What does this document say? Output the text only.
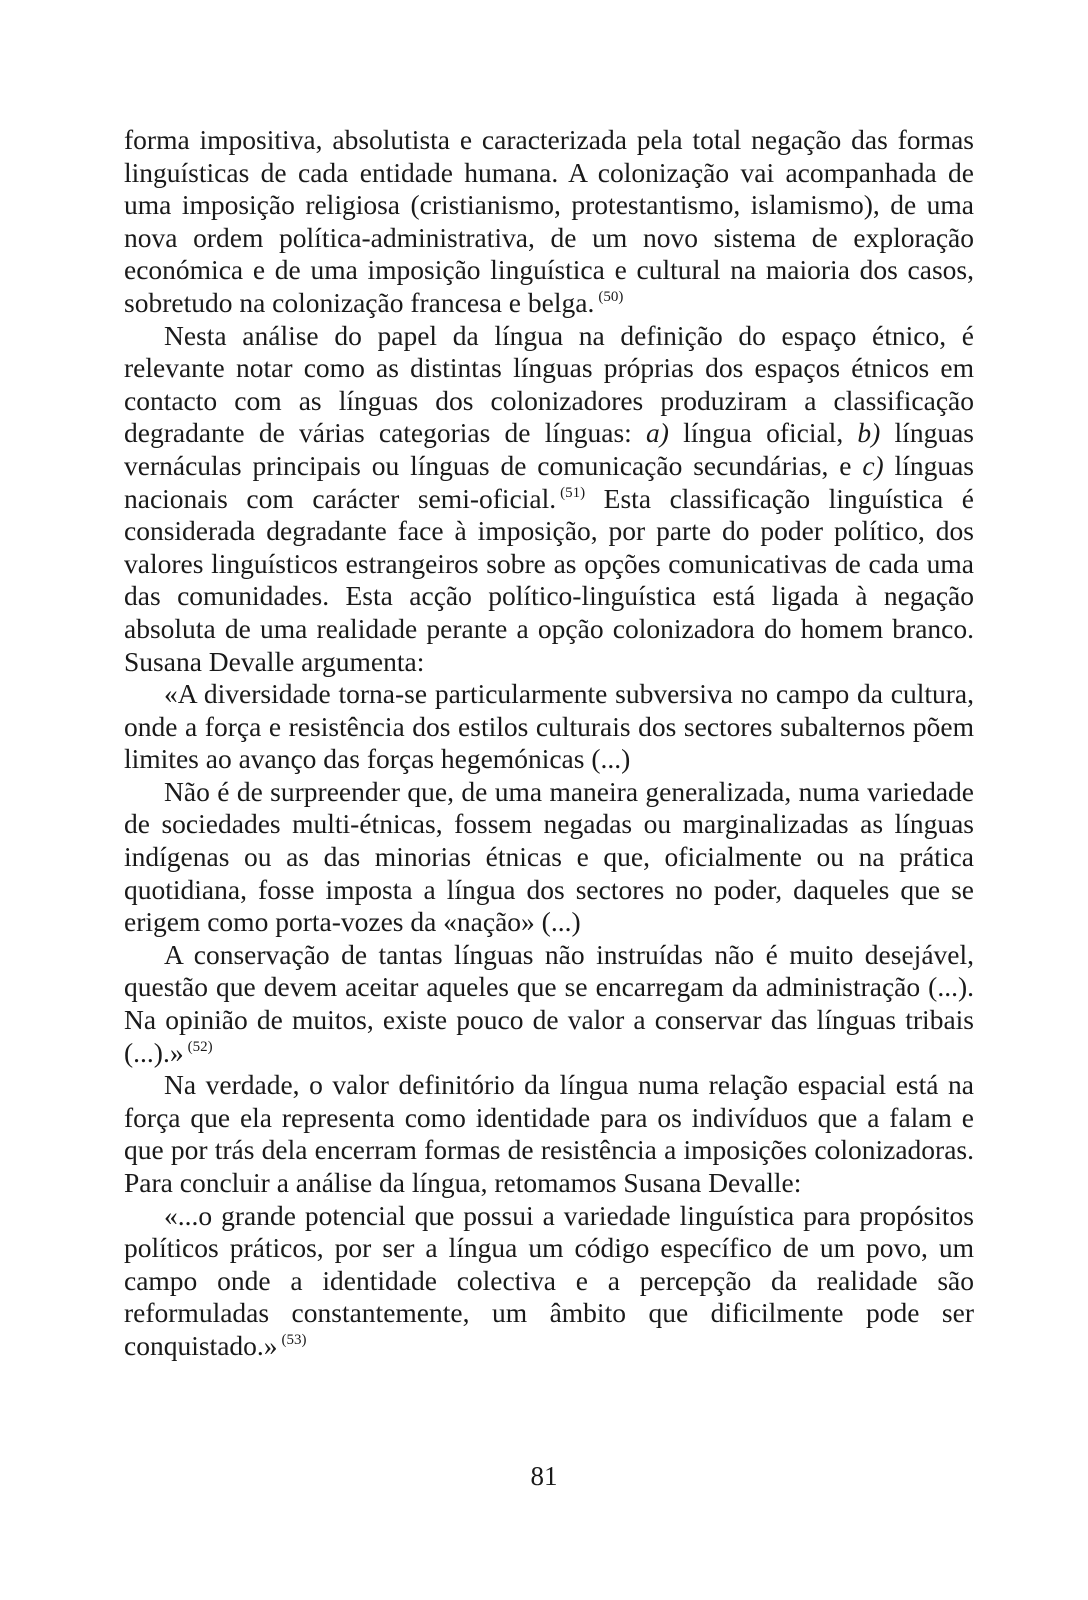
forma impositiva, absolutista e caracterizada pela total negação das formas linguísticas de cada entidade humana. A colonização vai acompanhada de uma imposição religiosa (cristianismo, protestantismo, islamismo), de uma nova ordem política-administrativa, de um novo sistema de exploração económica e de uma imposição linguística e cultural na maioria dos casos, sobretudo na colonização francesa e belga. $^{(50)}$

Nesta análise do papel da língua na definição do espaço étnico, é relevante notar como as distintas línguas próprias dos espaços étnicos em contacto com as línguas dos colonizadores produziram a classificação degradante de várias categorias de línguas: a) língua oficial, b) línguas vernáculas principais ou línguas de comunicação secundárias, e c) línguas nacionais com carácter semi-oficial. $^{(51)}$ Esta classificação linguística é considerada degradante face à imposição, por parte do poder político, dos valores linguísticos estrangeiros sobre as opções comunicativas de cada uma das comunidades. Esta acção político-linguística está ligada à negação absoluta de uma realidade perante a opção colonizadora do homem branco. Susana Devalle argumenta:

«A diversidade torna-se particularmente subversiva no campo da cultura, onde a força e resistência dos estilos culturais dos sectores subalternos põem limites ao avanço das forças hegemónicas (...)

Não é de surpreender que, de uma maneira generalizada, numa variedade de sociedades multi-étnicas, fossem negadas ou marginalizadas as línguas indígenas ou as das minorias étnicas e que, oficialmente ou na prática quotidiana, fosse imposta a língua dos sectores no poder, daqueles que se erigem como porta-vozes da «nação» (...)

A conservação de tantas línguas não instruídas não é muito desejável, questão que devem aceitar aqueles que se encarregam da administração (...). Na opinião de muitos, existe pouco de valor a conservar das línguas tribais (...).» $^{(52)}$

Na verdade, o valor definitório da língua numa relação espacial está na força que ela representa como identidade para os indivíduos que a falam e que por trás dela encerram formas de resistência a imposições colonizadoras. Para concluir a análise da língua, retomamos Susana Devalle:

«...o grande potencial que possui a variedade linguística para propósitos políticos práticos, por ser a língua um código específico de um povo, um campo onde a identidade colectiva e a percepção da realidade são reformuladas constantemente, um âmbito que dificilmente pode ser conquistado.» $^{(53)}$

81
